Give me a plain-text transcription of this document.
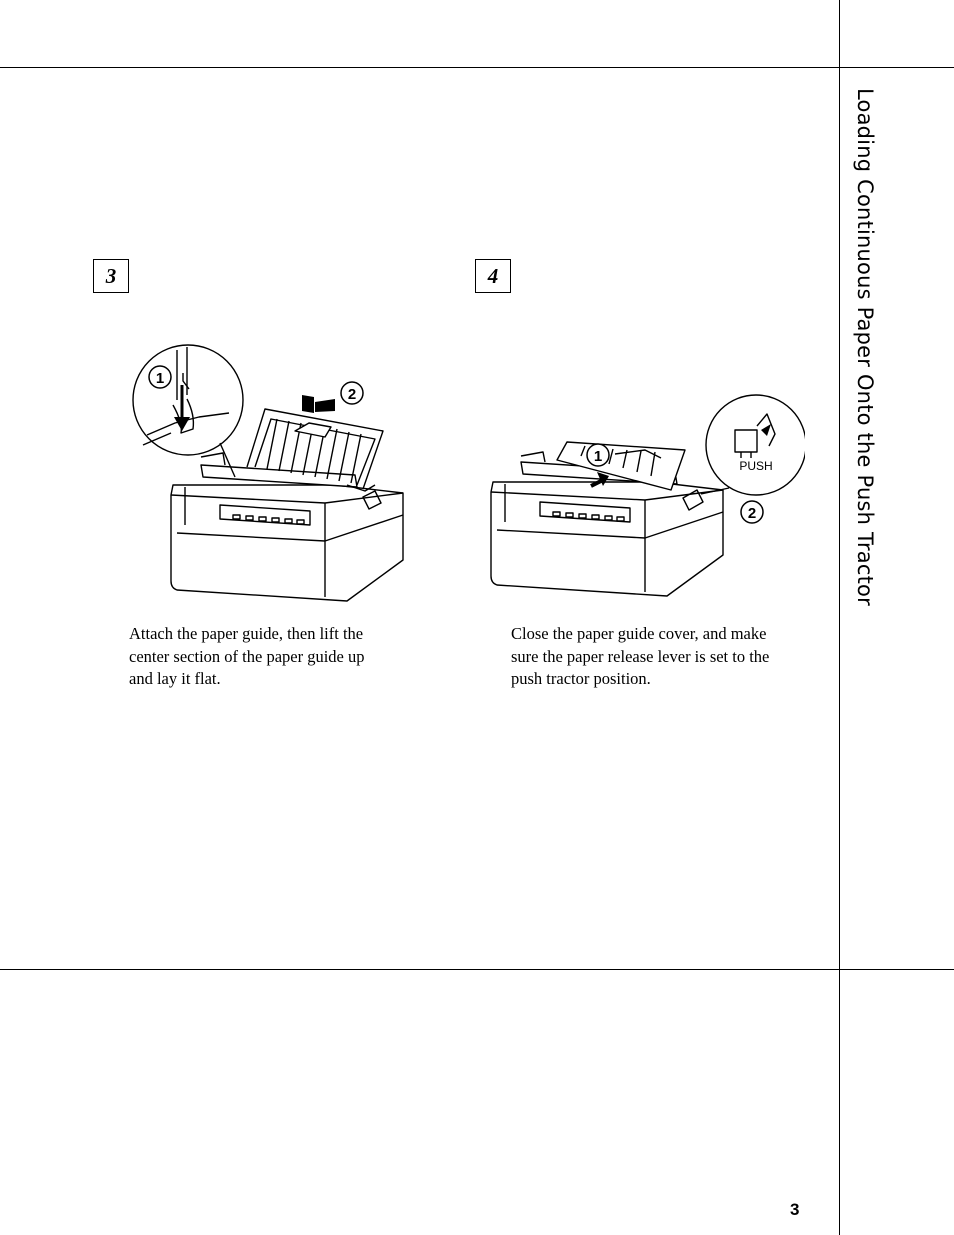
Loading Continuous Paper Onto the Push Tractor
3
1
2
Attach the paper guide, then lift the
center section of the paper guide up
and lay it flat.
4
PUSH
1
2
Close the paper guide cover, and make
sure the paper release lever is set to the
push tractor position.
3
